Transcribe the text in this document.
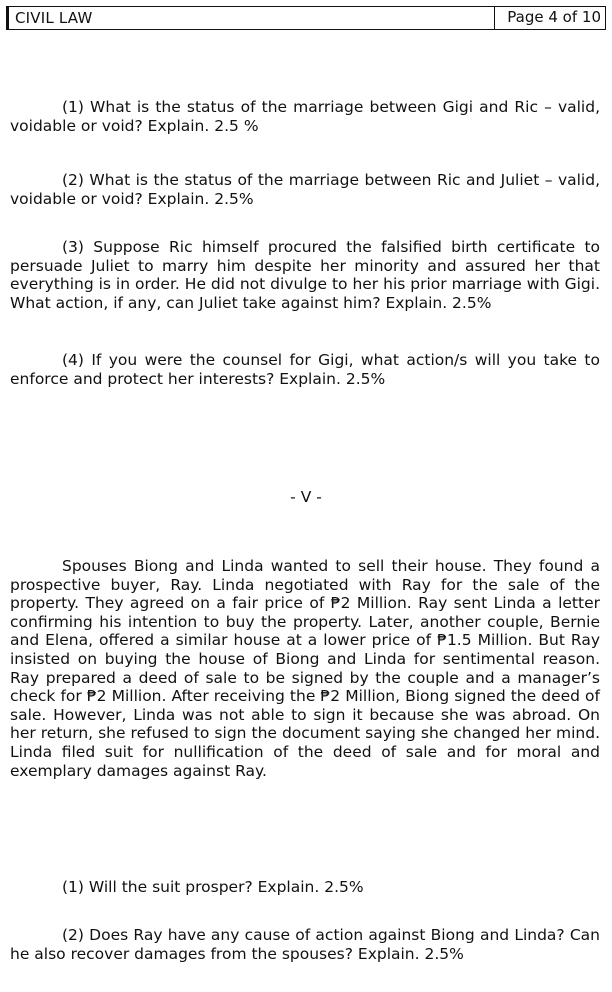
CIVIL LAW	Page 4 of 10

(1) What is the status of the marriage between Gigi and Ric – valid, voidable or void? Explain. 2.5 %

(2) What is the status of the marriage between Ric and Juliet – valid, voidable or void? Explain. 2.5%

(3) Suppose Ric himself procured the falsified birth certificate to persuade Juliet to marry him despite her minority and assured her that everything is in order. He did not divulge to her his prior marriage with Gigi. What action, if any, can Juliet take against him? Explain. 2.5%

(4) If you were the counsel for Gigi, what action/s will you take to enforce and protect her interests? Explain. 2.5%

- V -

Spouses Biong and Linda wanted to sell their house. They found a prospective buyer, Ray. Linda negotiated with Ray for the sale of the property. They agreed on a fair price of ₱2 Million. Ray sent Linda a letter confirming his intention to buy the property. Later, another couple, Bernie and Elena, offered a similar house at a lower price of ₱1.5 Million. But Ray insisted on buying the house of Biong and Linda for sentimental reason. Ray prepared a deed of sale to be signed by the couple and a manager’s check for ₱2 Million. After receiving the ₱2 Million, Biong signed the deed of sale. However, Linda was not able to sign it because she was abroad. On her return, she refused to sign the document saying she changed her mind. Linda filed suit for nullification of the deed of sale and for moral and exemplary damages against Ray.

(1) Will the suit prosper? Explain. 2.5%

(2) Does Ray have any cause of action against Biong and Linda? Can he also recover damages from the spouses? Explain. 2.5%
